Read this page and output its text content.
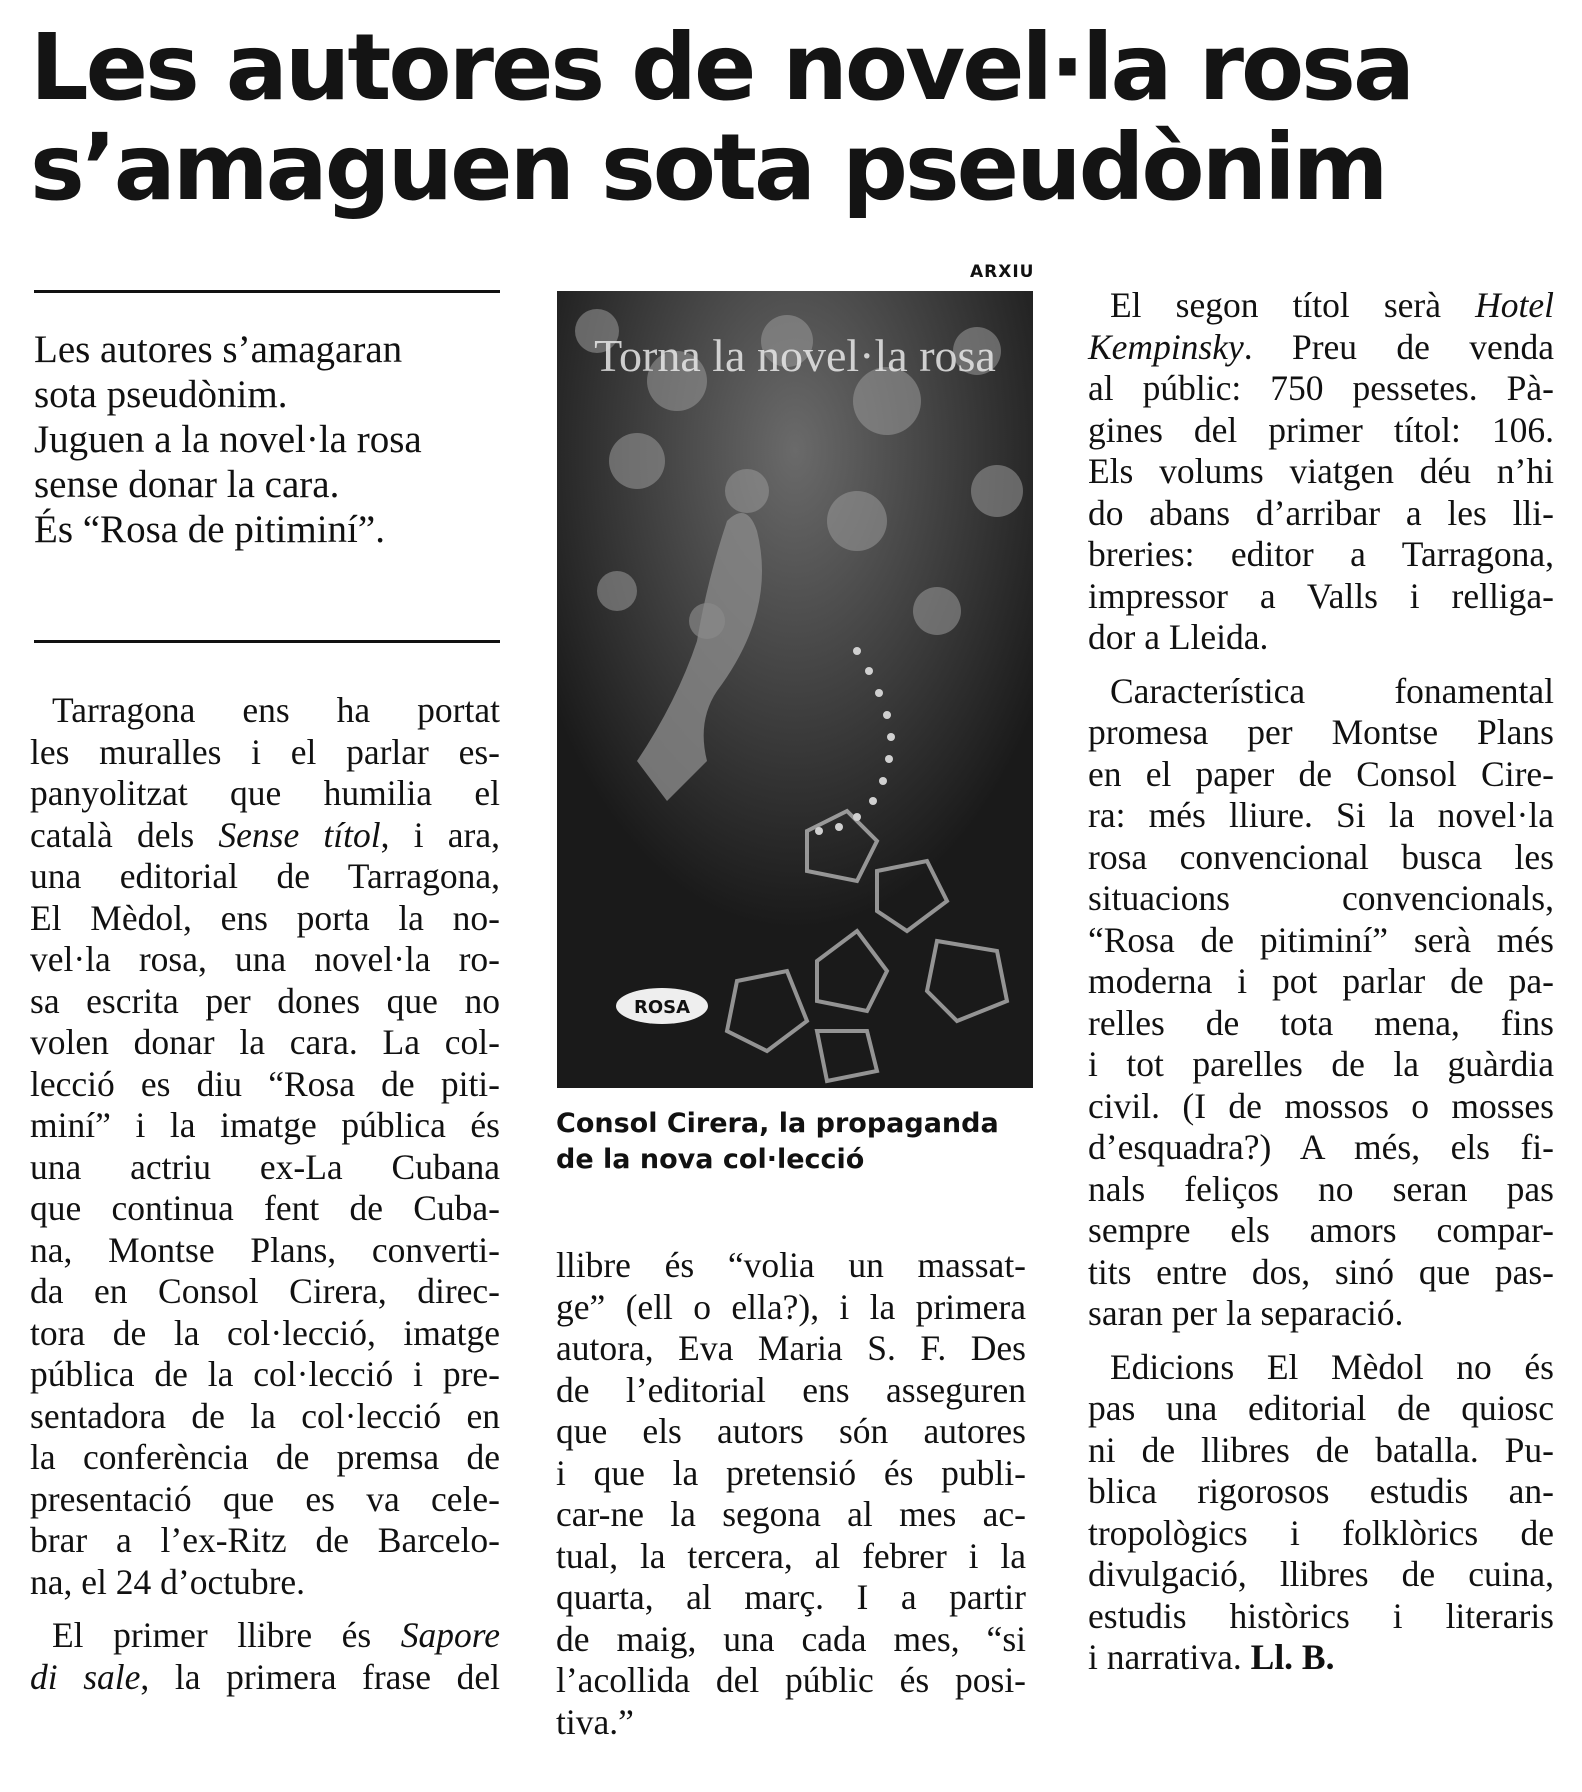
Les autores de novel·la rosa
s’amaguen sota pseudònim
Les autores s’amagaran
sota pseudònim.
Juguen a la novel·la rosa
sense donar la cara.
És “Rosa de pitiminí”.

Tarragona ens ha portat
les muralles i el parlar es-
panyolitzat que humilia el
català dels Sense títol, i ara,
una editorial de Tarragona,
El Mèdol, ens porta la no-
vel·la rosa, una novel·la ro-
sa escrita per dones que no
volen donar la cara. La col-
lecció es diu “Rosa de piti-
miní” i la imatge pública és
una actriu ex-La Cubana
que continua fent de Cuba-
na, Montse Plans, converti-
da en Consol Cirera, direc-
tora de la col·lecció, imatge
pública de la col·lecció i pre-
sentadora de la col·lecció en
la conferència de premsa de
presentació que es va cele-
brar a l’ex-Ritz de Barcelo-
na, el 24 d’octubre.

El primer llibre és Sapore
di sale, la primera frase del

ARXIU
Torna la novel·la rosa
ROSA
Consol Cirera, la propaganda
de la nova col·lecció

llibre és “volia un massat-
ge” (ell o ella?), i la primera
autora, Eva Maria S. F. Des
de l’editorial ens asseguren
que els autors són autores
i que la pretensió és publi-
car-ne la segona al mes ac-
tual, la tercera, al febrer i la
quarta, al març. I a partir
de maig, una cada mes, “si
l’acollida del públic és posi-
tiva.”

El segon títol serà Hotel
Kempinsky. Preu de venda
al públic: 750 pessetes. Pà-
gines del primer títol: 106.
Els volums viatgen déu n’hi
do abans d’arribar a les lli-
breries: editor a Tarragona,
impressor a Valls i relliga-
dor a Lleida.

Característica fonamental
promesa per Montse Plans
en el paper de Consol Cire-
ra: més lliure. Si la novel·la
rosa convencional busca les
situacions convencionals,
“Rosa de pitiminí” serà més
moderna i pot parlar de pa-
relles de tota mena, fins
i tot parelles de la guàrdia
civil. (I de mossos o mosses
d’esquadra?) A més, els fi-
nals feliços no seran pas
sempre els amors compar-
tits entre dos, sinó que pas-
saran per la separació.

Edicions El Mèdol no és
pas una editorial de quiosc
ni de llibres de batalla. Pu-
blica rigorosos estudis an-
tropològics i folklòrics de
divulgació, llibres de cuina,
estudis històrics i literaris
i narrativa. Ll. B.
